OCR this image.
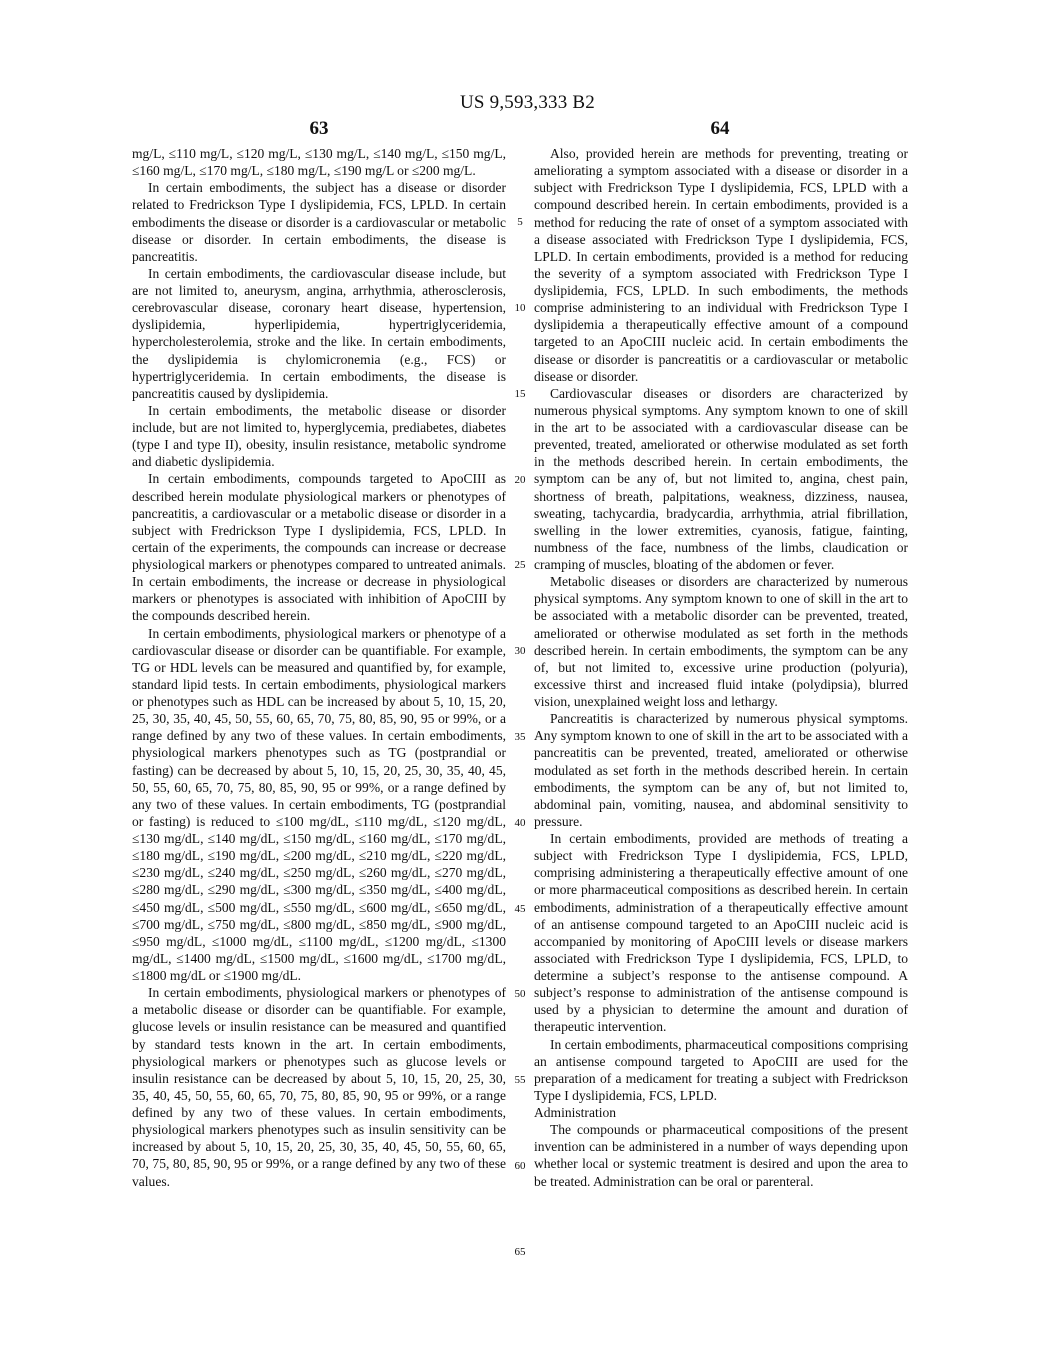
US 9,593,333 B2
63	64

mg/L, ≤110 mg/L, ≤120 mg/L, ≤130 mg/L, ≤140 mg/L, ≤150 mg/L, ≤160 mg/L, ≤170 mg/L, ≤180 mg/L, ≤190 mg/L or ≤200 mg/L.

In certain embodiments, the subject has a disease or disorder related to Fredrickson Type I dyslipidemia, FCS, LPLD. In certain embodiments the disease or disorder is a cardiovascular or metabolic disease or disorder. In certain embodiments, the disease is pancreatitis.

In certain embodiments, the cardiovascular disease include, but are not limited to, aneurysm, angina, arrhythmia, atherosclerosis, cerebrovascular disease, coronary heart disease, hypertension, dyslipidemia, hyperlipidemia, hypertriglyceridemia, hypercholesterolemia, stroke and the like. In certain embodiments, the dyslipidemia is chylomicronemia (e.g., FCS) or hypertriglyceridemia. In certain embodiments, the disease is pancreatitis caused by dyslipidemia.

In certain embodiments, the metabolic disease or disorder include, but are not limited to, hyperglycemia, prediabetes, diabetes (type I and type II), obesity, insulin resistance, metabolic syndrome and diabetic dyslipidemia.

In certain embodiments, compounds targeted to ApoCIII as described herein modulate physiological markers or phenotypes of pancreatitis, a cardiovascular or a metabolic disease or disorder in a subject with Fredrickson Type I dyslipidemia, FCS, LPLD. In certain of the experiments, the compounds can increase or decrease physiological markers or phenotypes compared to untreated animals. In certain embodiments, the increase or decrease in physiological markers or phenotypes is associated with inhibition of ApoCIII by the compounds described herein.

In certain embodiments, physiological markers or phenotype of a cardiovascular disease or disorder can be quantifiable. For example, TG or HDL levels can be measured and quantified by, for example, standard lipid tests. In certain embodiments, physiological markers or phenotypes such as HDL can be increased by about 5, 10, 15, 20, 25, 30, 35, 40, 45, 50, 55, 60, 65, 70, 75, 80, 85, 90, 95 or 99%, or a range defined by any two of these values. In certain embodiments, physiological markers phenotypes such as TG (postprandial or fasting) can be decreased by about 5, 10, 15, 20, 25, 30, 35, 40, 45, 50, 55, 60, 65, 70, 75, 80, 85, 90, 95 or 99%, or a range defined by any two of these values. In certain embodiments, TG (postprandial or fasting) is reduced to ≤100 mg/dL, ≤110 mg/dL, ≤120 mg/dL, ≤130 mg/dL, ≤140 mg/dL, ≤150 mg/dL, ≤160 mg/dL, ≤170 mg/dL, ≤180 mg/dL, ≤190 mg/dL, ≤200 mg/dL, ≤210 mg/dL, ≤220 mg/dL, ≤230 mg/dL, ≤240 mg/dL, ≤250 mg/dL, ≤260 mg/dL, ≤270 mg/dL, ≤280 mg/dL, ≤290 mg/dL, ≤300 mg/dL, ≤350 mg/dL, ≤400 mg/dL, ≤450 mg/dL, ≤500 mg/dL, ≤550 mg/dL, ≤600 mg/dL, ≤650 mg/dL, ≤700 mg/dL, ≤750 mg/dL, ≤800 mg/dL, ≤850 mg/dL, ≤900 mg/dL, ≤950 mg/dL, ≤1000 mg/dL, ≤1100 mg/dL, ≤1200 mg/dL, ≤1300 mg/dL, ≤1400 mg/dL, ≤1500 mg/dL, ≤1600 mg/dL, ≤1700 mg/dL, ≤1800 mg/dL or ≤1900 mg/dL.

In certain embodiments, physiological markers or phenotypes of a metabolic disease or disorder can be quantifiable. For example, glucose levels or insulin resistance can be measured and quantified by standard tests known in the art. In certain embodiments, physiological markers or phenotypes such as glucose levels or insulin resistance can be decreased by about 5, 10, 15, 20, 25, 30, 35, 40, 45, 50, 55, 60, 65, 70, 75, 80, 85, 90, 95 or 99%, or a range defined by any two of these values. In certain embodiments, physiological markers phenotypes such as insulin sensitivity can be increased by about 5, 10, 15, 20, 25, 30, 35, 40, 45, 50, 55, 60, 65, 70, 75, 80, 85, 90, 95 or 99%, or a range defined by any two of these values.

Also, provided herein are methods for preventing, treating or ameliorating a symptom associated with a disease or disorder in a subject with Fredrickson Type I dyslipidemia, FCS, LPLD with a compound described herein. In certain embodiments, provided is a method for reducing the rate of onset of a symptom associated with a disease associated with Fredrickson Type I dyslipidemia, FCS, LPLD. In certain embodiments, provided is a method for reducing the severity of a symptom associated with Fredrickson Type I dyslipidemia, FCS, LPLD. In such embodiments, the methods comprise administering to an individual with Fredrickson Type I dyslipidemia a therapeutically effective amount of a compound targeted to an ApoCIII nucleic acid. In certain embodiments the disease or disorder is pancreatitis or a cardiovascular or metabolic disease or disorder.

Cardiovascular diseases or disorders are characterized by numerous physical symptoms. Any symptom known to one of skill in the art to be associated with a cardiovascular disease can be prevented, treated, ameliorated or otherwise modulated as set forth in the methods described herein. In certain embodiments, the symptom can be any of, but not limited to, angina, chest pain, shortness of breath, palpitations, weakness, dizziness, nausea, sweating, tachycardia, bradycardia, arrhythmia, atrial fibrillation, swelling in the lower extremities, cyanosis, fatigue, fainting, numbness of the face, numbness of the limbs, claudication or cramping of muscles, bloating of the abdomen or fever.

Metabolic diseases or disorders are characterized by numerous physical symptoms. Any symptom known to one of skill in the art to be associated with a metabolic disorder can be prevented, treated, ameliorated or otherwise modulated as set forth in the methods described herein. In certain embodiments, the symptom can be any of, but not limited to, excessive urine production (polyuria), excessive thirst and increased fluid intake (polydipsia), blurred vision, unexplained weight loss and lethargy.

Pancreatitis is characterized by numerous physical symptoms. Any symptom known to one of skill in the art to be associated with a pancreatitis can be prevented, treated, ameliorated or otherwise modulated as set forth in the methods described herein. In certain embodiments, the symptom can be any of, but not limited to, abdominal pain, vomiting, nausea, and abdominal sensitivity to pressure.

In certain embodiments, provided are methods of treating a subject with Fredrickson Type I dyslipidemia, FCS, LPLD, comprising administering a therapeutically effective amount of one or more pharmaceutical compositions as described herein. In certain embodiments, administration of a therapeutically effective amount of an antisense compound targeted to an ApoCIII nucleic acid is accompanied by monitoring of ApoCIII levels or disease markers associated with Fredrickson Type I dyslipidemia, FCS, LPLD, to determine a subject’s response to the antisense compound. A subject’s response to administration of the antisense compound is used by a physician to determine the amount and duration of therapeutic intervention.

In certain embodiments, pharmaceutical compositions comprising an antisense compound targeted to ApoCIII are used for the preparation of a medicament for treating a subject with Fredrickson Type I dyslipidemia, FCS, LPLD.

Administration

The compounds or pharmaceutical compositions of the present invention can be administered in a number of ways depending upon whether local or systemic treatment is desired and upon the area to be treated. Administration can be oral or parenteral.

5
10
15
20
25
30
35
40
45
50
55
60
65
